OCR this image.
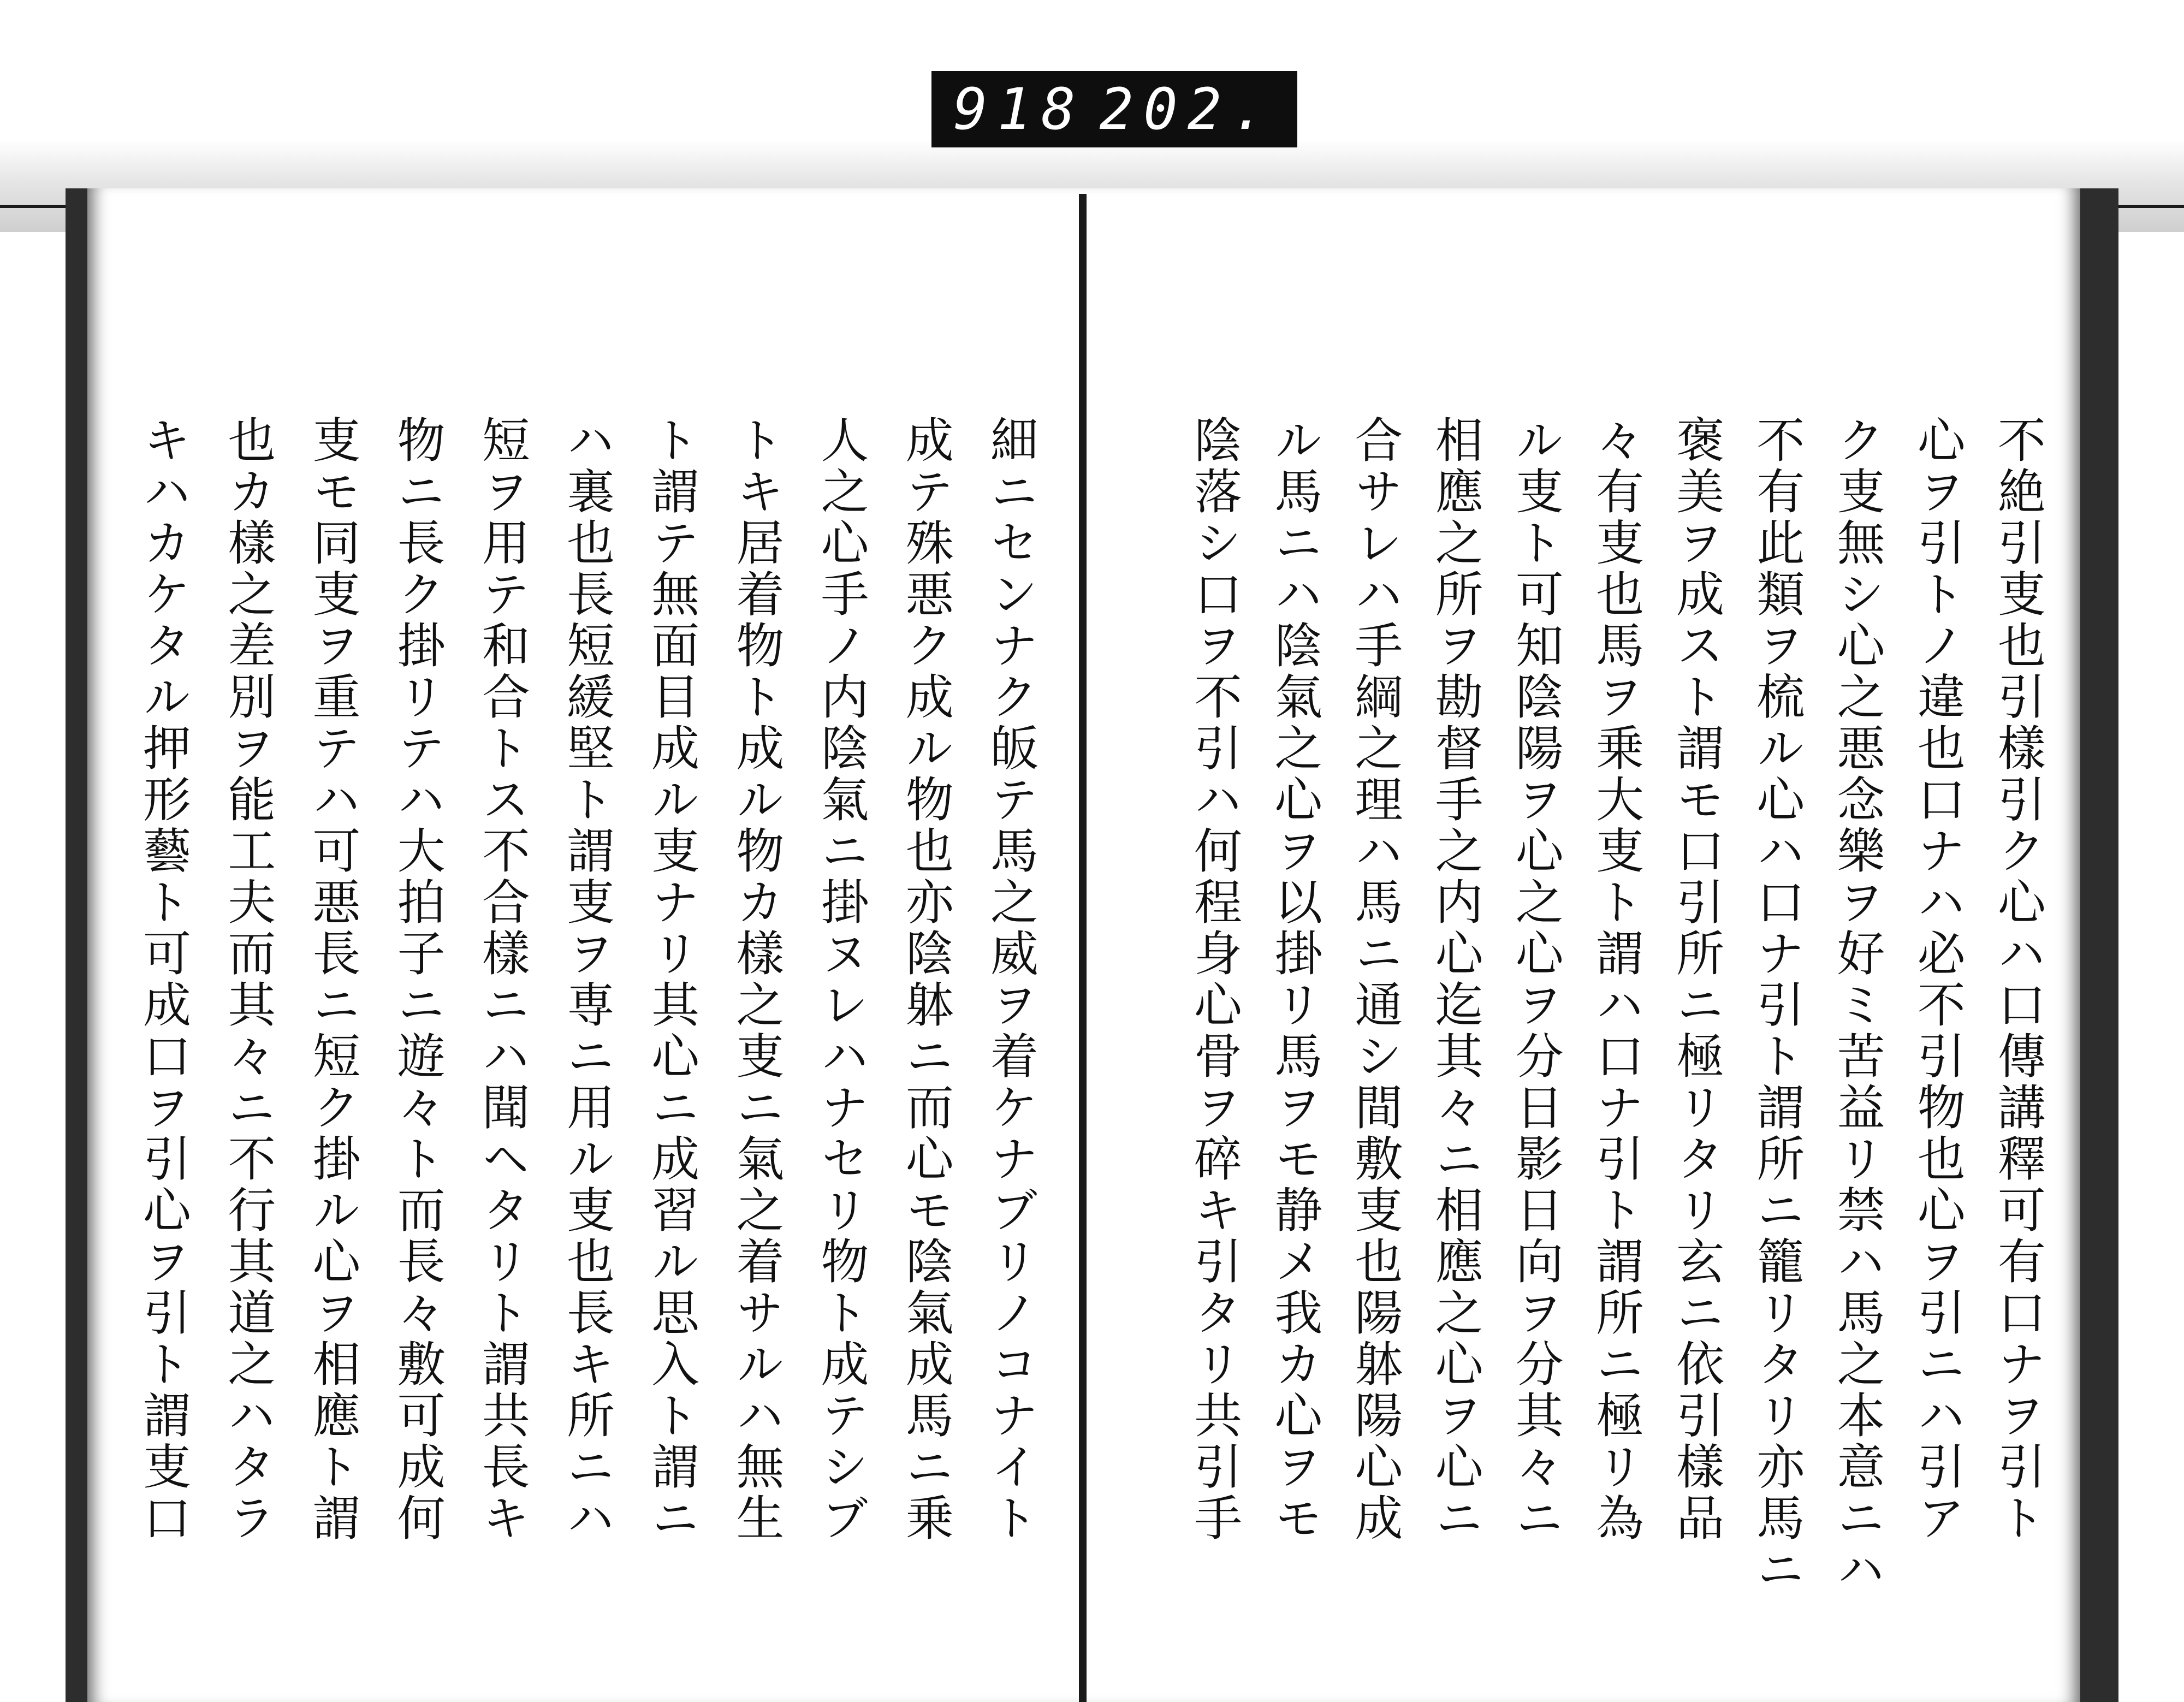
918 202.
不絶引叓也引樣引ク心ハ口傳講釋可有口ナヲ引ト
心ヲ引トノ違也口ナハ必不引物也心ヲ引ニハ引ア
ク叓無シ心之悪念樂ヲ好ミ苦益リ禁ハ馬之本意ニハ
不有此類ヲ梳ル心ハ口ナ引ト謂所ニ籠リタリ亦馬ニ
褒美ヲ成スト謂モ口引所ニ極リタリ玄ニ依引樣品
々有叓也馬ヲ乗大叓ト謂ハ口ナ引ト謂所ニ極リ為
ル叓ト可知陰陽ヲ心之心ヲ分日影日向ヲ分其々ニ
相應之所ヲ勘督手之内心迄其々ニ相應之心ヲ心ニ
合サレハ手綱之理ハ馬ニ通シ間敷叓也陽躰陽心成
ル馬ニハ陰氣之心ヲ以掛リ馬ヲモ静メ我カ心ヲモ
陰落シ口ヲ不引ハ何程身心骨ヲ碎キ引タリ共引手
細ニセンナク皈テ馬之威ヲ着ケナブリノコナイト
成テ殊悪ク成ル物也亦陰躰ニ而心モ陰氣成馬ニ乗
人之心手ノ内陰氣ニ掛ヌレハナセリ物ト成テシブ
トキ居着物ト成ル物カ樣之叓ニ氣之着サルハ無生
ト謂テ無面目成ル叓ナリ其心ニ成習ル思入ト謂ニ
ハ裏也長短緩堅ト謂叓ヲ専ニ用ル叓也長キ所ニハ
短ヲ用テ和合トス不合樣ニハ聞ヘタリト謂共長キ
物ニ長ク掛リテハ大拍子ニ遊々ト而長々敷可成何
叓モ同叓ヲ重テハ可悪長ニ短ク掛ル心ヲ相應ト謂
也カ樣之差別ヲ能工夫而其々ニ不行其道之ハタラ
キハカケタル押形藝ト可成口ヲ引心ヲ引ト謂叓口
